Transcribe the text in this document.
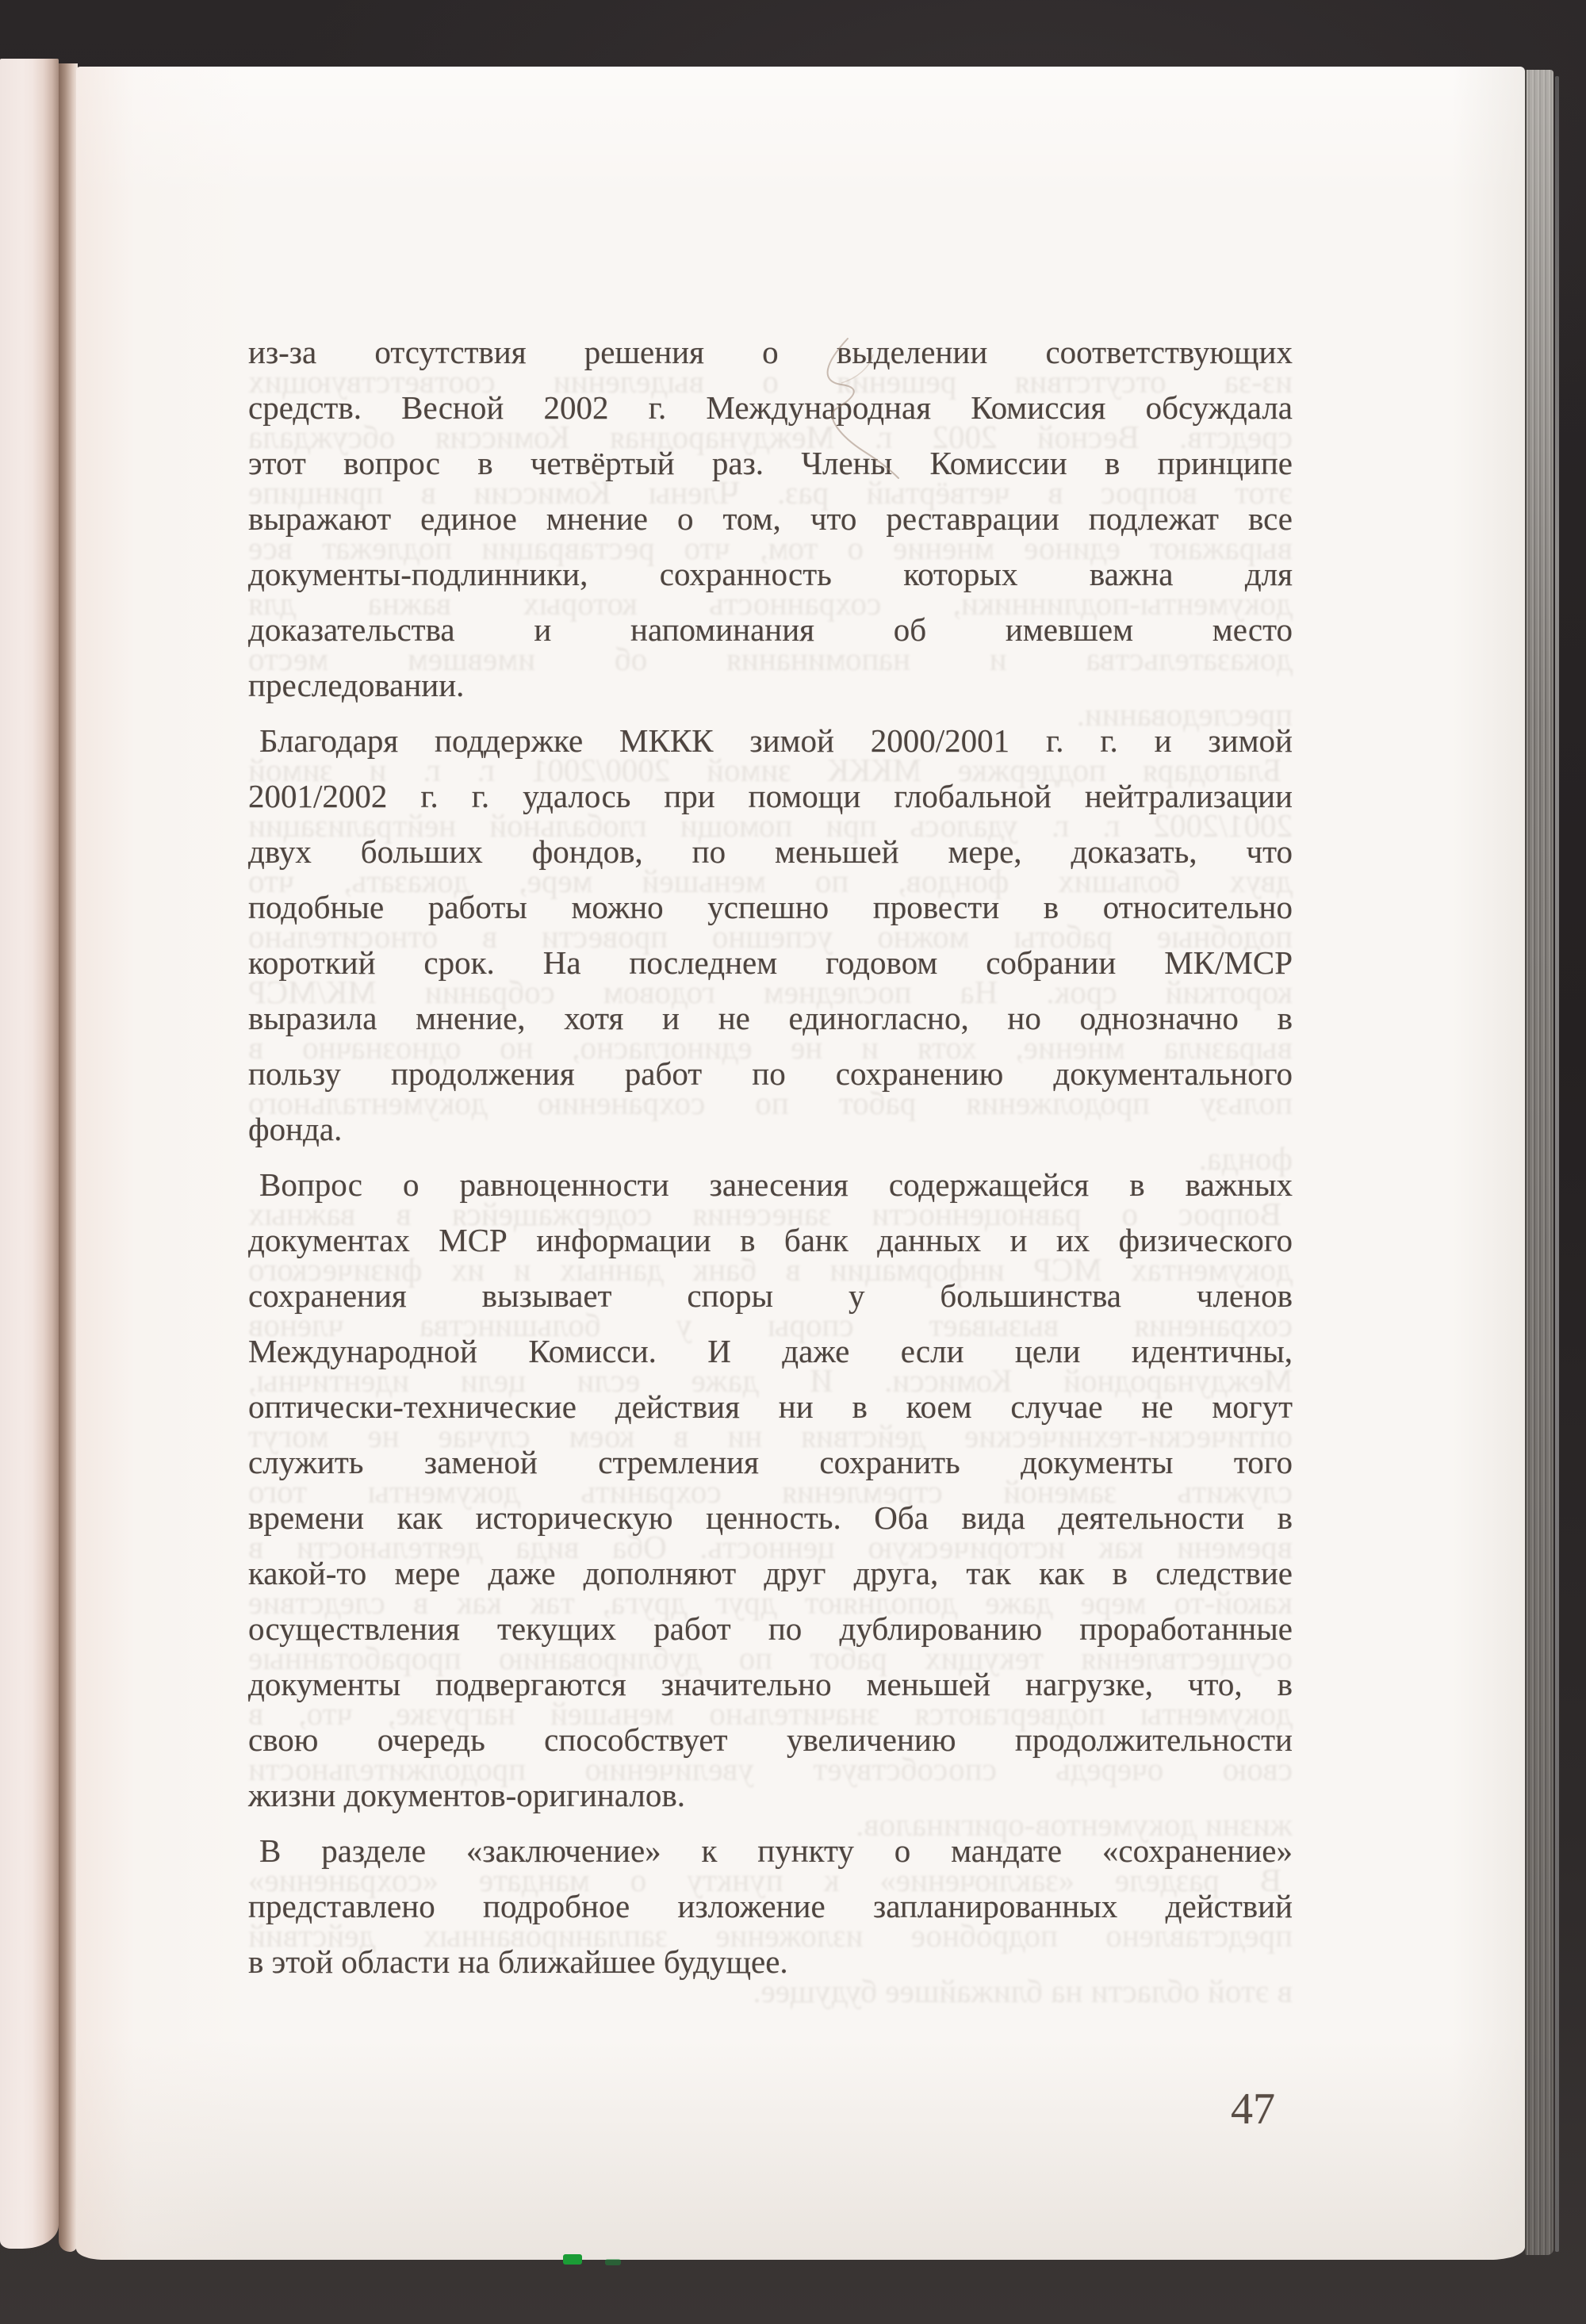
из-за отсутствия решения о выделении соответствующих
средств. Весной 2002 г. Международная Комиссия обсуждала
этот вопрос в четвёртый раз. Члены Комиссии в принципе
выражают единое мнение о том, что реставрации подлежат все
документы-подлинники, сохранность которых важна для
доказательства и напоминания об имевшем место
преследовании.
Благодаря поддержке МККК зимой 2000/2001 г. г. и зимой
2001/2002 г. г. удалось при помощи глобальной нейтрализации
двух больших фондов, по меньшей мере, доказать, что
подобные работы можно успешно провести в относительно
короткий срок. На последнем годовом собрании МК/МСР
выразила мнение, хотя и не единогласно, но однозначно в
пользу продолжения работ по сохранению документального
фонда.
Вопрос о равноценности занесения содержащейся в важных
документах МСР информации в банк данных и их физического
сохранения вызывает споры у большинства членов
Международной Комисси. И даже если цели идентичны,
оптически-технические действия ни в коем случае не могут
служить заменой стремления сохранить документы того
времени как историческую ценность. Оба вида деятельности в
какой-то мере даже дополняют друг друга, так как в следствие
осуществления текущих работ по дублированию проработанные
документы подвергаются значительно меньшей нагрузке, что, в
свою очередь способствует увеличению продолжительности
жизни документов-оригиналов.
В разделе «заключение» к пункту о мандате «сохранение»
представлено подробное изложение запланированных действий
в этой области на ближайшее будущее.
из-за отсутствия решения о выделении соответствующих
средств. Весной 2002 г. Международная Комиссия обсуждала
этот вопрос в четвёртый раз. Члены Комиссии в принципе
выражают единое мнение о том, что реставрации подлежат все
документы-подлинники, сохранность которых важна для
доказательства и напоминания об имевшем место
преследовании.
Благодаря поддержке МККК зимой 2000/2001 г. г. и зимой
2001/2002 г. г. удалось при помощи глобальной нейтрализации
двух больших фондов, по меньшей мере, доказать, что
подобные работы можно успешно провести в относительно
короткий срок. На последнем годовом собрании МК/МСР
выразила мнение, хотя и не единогласно, но однозначно в
пользу продолжения работ по сохранению документального
фонда.
Вопрос о равноценности занесения содержащейся в важных
документах МСР информации в банк данных и их физического
сохранения вызывает споры у большинства членов
Международной Комисси. И даже если цели идентичны,
оптически-технические действия ни в коем случае не могут
служить заменой стремления сохранить документы того
времени как историческую ценность. Оба вида деятельности в
какой-то мере даже дополняют друг друга, так как в следствие
осуществления текущих работ по дублированию проработанные
документы подвергаются значительно меньшей нагрузке, что, в
свою очередь способствует увеличению продолжительности
жизни документов-оригиналов.
В разделе «заключение» к пункту о мандате «сохранение»
представлено подробное изложение запланированных действий
в этой области на ближайшее будущее.
47
